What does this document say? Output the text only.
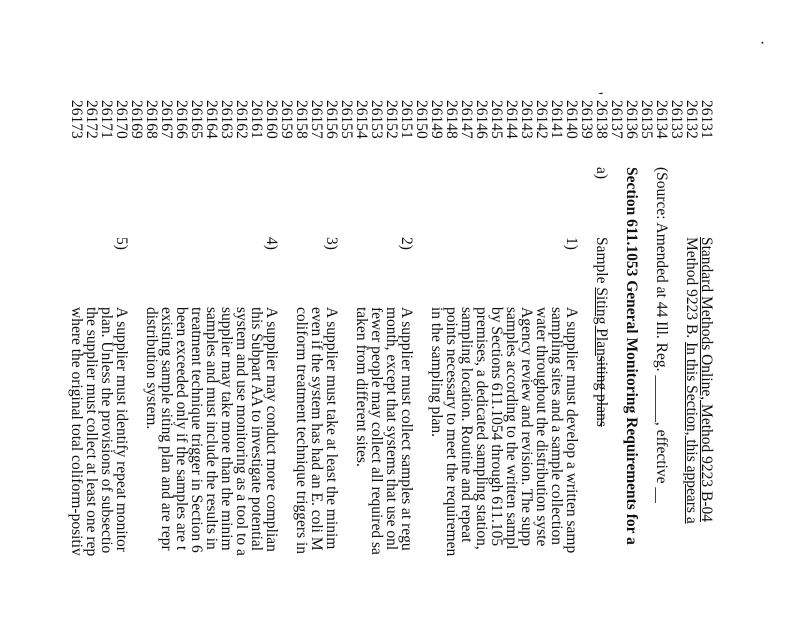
Standard Methods Online, Method 9223 B-04
Method 9223 B. In this Section, this appears a
(Source: Amended at 44 Ill. Reg. ______, effective __
Section 611.1053 General Monitoring Requirements for a
a)
Sample Siting Plansiting plans
1)
A supplier must develop a written samp
sampling sites and a sample collection
water throughout the distribution syste
Agency review and revision. The supp
samples according to the written sampl
by Sections 611.1054 through 611.105
premises, a dedicated sampling station,
sampling location. Routine and repeat
points necessary to meet the requiremen
in the sampling plan.
2)
A supplier must collect samples at regu
month, except that systems that use onl
fewer people may collect all required sa
taken from different sites.
3)
A supplier must take at least the minim
even if the system has had an E. coli M
coliform treatment technique triggers in
4)
A supplier may conduct more complian
this Subpart AA to investigate potential
system and use monitoring as a tool to a
supplier may take more than the minim
samples and must include the results in
treatment technique trigger in Section 6
been exceeded only if the samples are t
existing sample siting plan and are repr
distribution system.
5)
A supplier must identify repeat monitor
plan. Unless the provisions of subsectio
the supplier must collect at least one rep
where the original total coliform-positiv
·
'
26131
26132
26133
26134
26135
26136
26137
26138
26139
26140
26141
26142
26143
26144
26145
26146
26147
26148
26149
26150
26151
26152
26153
26154
26155
26156
26157
26158
26159
26160
26161
26162
26163
26164
26165
26166
26167
26168
26169
26170
26171
26172
26173
